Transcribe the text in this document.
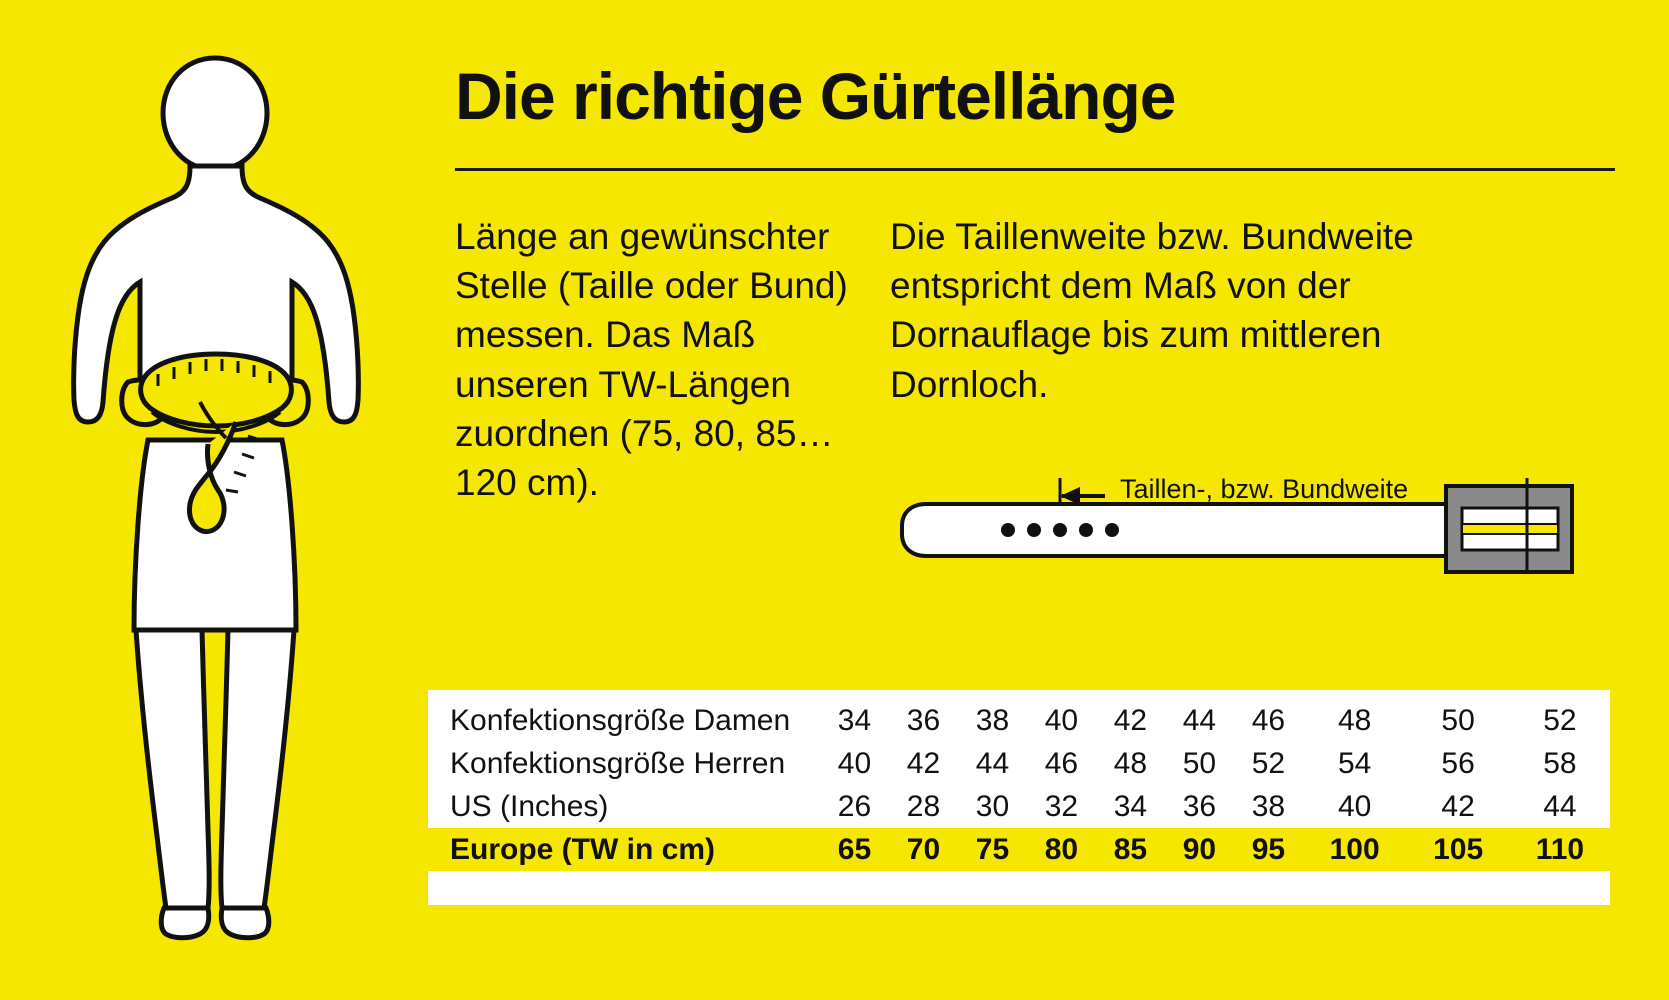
Die richtige Gürtellänge
Länge an gewünschter Stelle (Taille oder Bund) messen. Das Maß unseren TW-Längen zuordnen (75, 80, 85…120 cm).
Die Taillenweite bzw. Bundweite entspricht dem Maß von der Dornauflage bis zum mittleren Dornloch.
Taillen-, bzw. Bundweite
Konfektionsgröße Damen	34	36	38	40	42	44	46	48	50	52
Konfektionsgröße Herren	40	42	44	46	48	50	52	54	56	58
US (Inches)	26	28	30	32	34	36	38	40	42	44
Europe (TW in cm)	65	70	75	80	85	90	95	100	105	110
